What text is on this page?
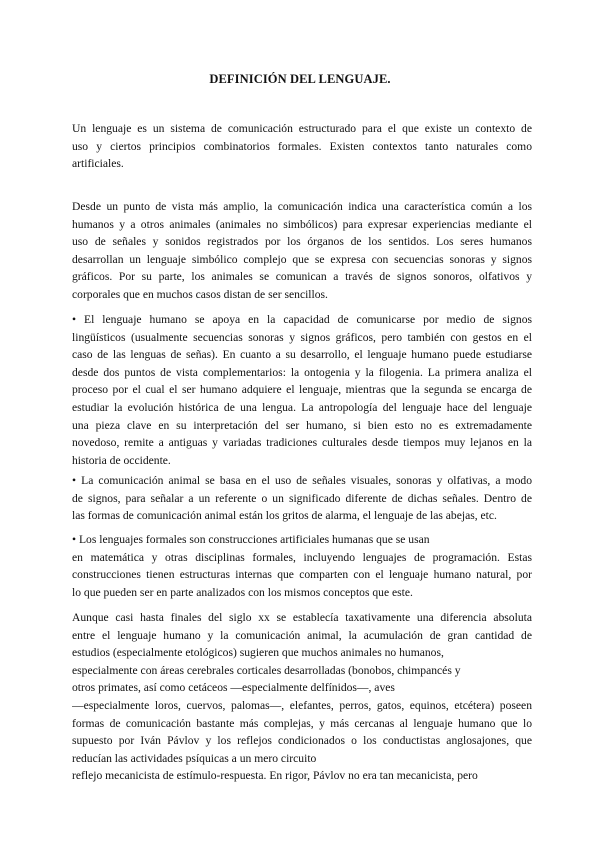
DEFINICIÓN DEL LENGUAJE.
Un lenguaje es un sistema de comunicación estructurado para el que existe un contexto de
uso y ciertos principios combinatorios formales. Existen contextos tanto naturales como
artificiales.
Desde un punto de vista más amplio, la comunicación indica una característica común a los
humanos y a otros animales (animales no simbólicos) para expresar experiencias mediante el
uso de señales y sonidos registrados por los órganos de los sentidos. Los seres humanos
desarrollan un lenguaje simbólico complejo que se expresa con secuencias sonoras y signos
gráficos. Por su parte, los animales se comunican a través de signos sonoros, olfativos y
corporales que en muchos casos distan de ser sencillos.
• El lenguaje humano se apoya en la capacidad de comunicarse por medio de signos
lingüísticos (usualmente secuencias sonoras y signos gráficos, pero también con gestos en el
caso de las lenguas de señas). En cuanto a su desarrollo, el lenguaje humano puede estudiarse
desde dos puntos de vista complementarios: la ontogenia y la filogenia. La primera analiza el
proceso por el cual el ser humano adquiere el lenguaje, mientras que la segunda se encarga de
estudiar la evolución histórica de una lengua. La antropología del lenguaje hace del lenguaje
una pieza clave en su interpretación del ser humano, si bien esto no es extremadamente
novedoso, remite a antiguas y variadas tradiciones culturales desde tiempos muy lejanos en la
historia de occidente.
• La comunicación animal se basa en el uso de señales visuales, sonoras y olfativas, a modo
de signos, para señalar a un referente o un significado diferente de dichas señales. Dentro de
las formas de comunicación animal están los gritos de alarma, el lenguaje de las abejas, etc.
• Los lenguajes formales son construcciones artificiales humanas que se usan
en matemática y otras disciplinas formales, incluyendo lenguajes de programación. Estas
construcciones tienen estructuras internas que comparten con el lenguaje humano natural, por
lo que pueden ser en parte analizados con los mismos conceptos que este.
Aunque casi hasta finales del siglo xx se establecía taxativamente una diferencia absoluta
entre el lenguaje humano y la comunicación animal, la acumulación de gran cantidad de
estudios (especialmente etológicos) sugieren que muchos animales no humanos,
especialmente con áreas cerebrales corticales desarrolladas (bonobos, chimpancés y
otros primates, así como cetáceos —especialmente delfínidos—, aves
—especialmente loros, cuervos, palomas—, elefantes, perros, gatos, equinos, etcétera) poseen
formas de comunicación bastante más complejas, y más cercanas al lenguaje humano que lo
supuesto por Iván Pávlov y los reflejos condicionados o los conductistas anglosajones, que
reducían las actividades psíquicas a un mero circuito
reflejo mecanicista de estímulo-respuesta. En rigor, Pávlov no era tan mecanicista, pero
